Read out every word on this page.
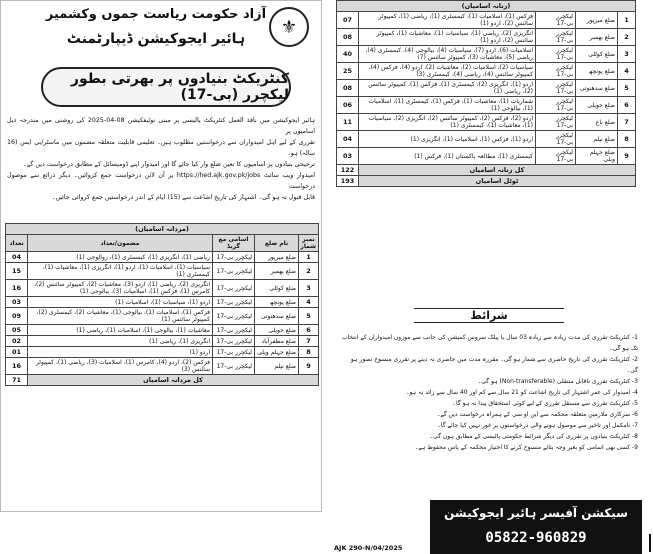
آزاد حکومت ریاست جموں وکشمیر
ہائیر ایجوکیشن ڈیپارٹمنٹ
⚜
کنٹریکٹ بنیادوں پر بھرتی بطور لیکچرر (بی-17)
ہائیر ایجوکیشن میں نافذ العمل کنٹریکٹ پالیسی پر مبنی نوٹیفکیشن 08-04-2025 کی روشنی میں مندرجہ ذیل اسامیوں پر
تقرری کے لیے اہل امیدواران سے درخواستیں مطلوب ہیں۔ تعلیمی قابلیت متعلقہ مضمون میں ماسٹر/بی ایس (16 سالہ) ہو۔
ترجیحی بنیادوں پر اسامیوں کا تعین ضلع وار کیا جائے گا اور امیدوار اپنے ڈومیسائل کے مطابق درخواست دیں گے۔
امیدوار ویب سائٹ https://hed.ajk.gov.pk/jobs پر آن لائن درخواست جمع کروائیں۔ دیگر ذرائع سے موصول درخواست
قابل قبول نہ ہو گی۔ اشتہار کی تاریخ اشاعت سے (15) ایام کے اندر درخواستیں جمع کروائی جائیں۔
(مردانہ اسامیاں)				
نمبر شمار	نام ضلع	اسامی مع گریڈ	مضمون/تعداد	تعداد
1	ضلع میرپور	لیکچرر بی-17	ریاضی (1)، انگریزی (1)، کیمسٹری (1)، زوالوجی (1)	04
2	ضلع بھمبر	لیکچرر بی-17	سیاسیات (1)، اسلامیات (1)، اردو (1)، انگریزی (1)، معاشیات (1)، کیمسٹری (1)	15
3	ضلع کوٹلی	لیکچرر بی-17	انگریزی (2)، ریاضی (1)، اردو (3)، معاشیات (2)، کمپیوٹر سائنس (2)، کامرس (1)، فزکس (1)، اسلامیات (3)، بیالوجی (1)	16
4	ضلع پونچھ	لیکچرر بی-17	اردو (1)، سیاسیات (1)، اسلامیات (1)	03
5	ضلع سدھنوتی	لیکچرر بی-17	فزکس (1)، اسلامیات (1)، بیالوجی (1)، معاشیات (2)، کیمسٹری (2)، کمپیوٹر سائنس (1)	09
6	ضلع حویلی	لیکچرر بی-17	معاشیات (1)، بیالوجی (1)، اسلامیات (1)، ریاضی (1)	05
7	ضلع مظفرآباد	لیکچرر بی-17	انگریزی (1)، ریاضی (1)	02
8	ضلع جہلم ویلی	لیکچرر بی-17	اردو (1)	01
9	ضلع نیلم	لیکچرر بی-17	فزکس (2)، اردو (4)، کامرس (1)، اسلامیات (3)، ریاضی (1)، کمپیوٹر سائنس (3)	16
کل مردانہ اسامیاں				71
(زنانہ اسامیاں)				
1	ضلع میرپور	لیکچرر بی-17	فزکس (1)، اسلامیات (1)، کیمسٹری (1)، ریاضی (1)، کمپیوٹر سائنس (2)، اردو (1)	07
2	ضلع بھمبر	لیکچرر بی-17	انگریزی (2)، ریاضی (1)، سیاسیات (1)، معاشیات (1)، کمپیوٹر سائنس (2)، اردو (1)	08
3	ضلع کوٹلی	لیکچرر بی-17	اسلامیات (6)، اردو (7)، سیاسیات (4)، بیالوجی (4)، کیمسٹری (4)، ریاضی (5)، معاشیات (3)، کمپیوٹر سائنس (7)	40
4	ضلع پونچھ	لیکچرر بی-17	سیاسیات (2)، اسلامیات (2)، معاشیات (2)، اردو (4)، فزکس (4)، کمپیوٹر سائنس (4)، ریاضی (4)، کیمسٹری (3)	25
5	ضلع سدھنوتی	لیکچرر بی-17	اردو (1)، انگریزی (2)، کیمسٹری (1)، فزکس (1)، کمپیوٹر سائنس (2)، ریاضی (1)	08
6	ضلع حویلی	لیکچرر بی-17	شماریات (1)، معاشیات (1)، فزکس (1)، کیمسٹری (1)، اسلامیات (1)، بیالوجی (1)	06
7	ضلع باغ	لیکچرر بی-17	اردو (2)، فزکس (2)، کمپیوٹر سائنس (2)، انگریزی (2)، سیاسیات (1)، معاشیات (1)، کیمسٹری (1)	11
8	ضلع نیلم	لیکچرر بی-17	اردو (1)، فزکس (1)، اسلامیات (1)، انگریزی (1)	04
9	ضلع جہلم ویلی	لیکچرر بی-17	کیمسٹری (1)، مطالعہ پاکستان (1)، فزکس (1)	03
کل زنانہ اسامیاں				122
ٹوٹل اسامیاں				193
شرائط
1- کنٹریکٹ تقرری کی مدت زیادہ سے زیادہ 03 سال یا پبلک سروس کمیشن کی جانب سے موزوں امیدواران کے انتخاب تک ہو گی۔
2- کنٹریکٹ تقرری کی تاریخ حاضری سے شمار ہو گی۔ مقررہ مدت میں حاضری نہ دینے پر تقرری منسوخ تصور ہو گی۔
3- کنٹریکٹ تقرری ناقابل منتقلی (Non-transferable) ہو گی۔
4- امیدوار کی عمر اشتہار کی تاریخ اشاعت کو 21 سال سے کم اور 40 سال سے زائد نہ ہو۔
5- کنٹریکٹ تقرری سے مستقل تقرری کے لیے کوئی استحقاق پیدا نہ ہو گا۔
6- سرکاری ملازمین متعلقہ محکمہ سے این او سی کے ہمراہ درخواست دیں گے۔
7- نامکمل اور تاخیر سے موصول ہونے والی درخواستوں پر غور نہیں کیا جائے گا۔
8- کنٹریکٹ بنیادوں پر تقرری کی دیگر شرائط حکومتی پالیسی کے مطابق ہوں گی۔
9- کسی بھی اسامی کو بغیر وجہ بتائے منسوخ کرنے کا اختیار محکمہ کے پاس محفوظ ہے۔
سیکشن آفیسر ہائیر ایجوکیشن
05822-960829
AJK 290-N/04/2025
